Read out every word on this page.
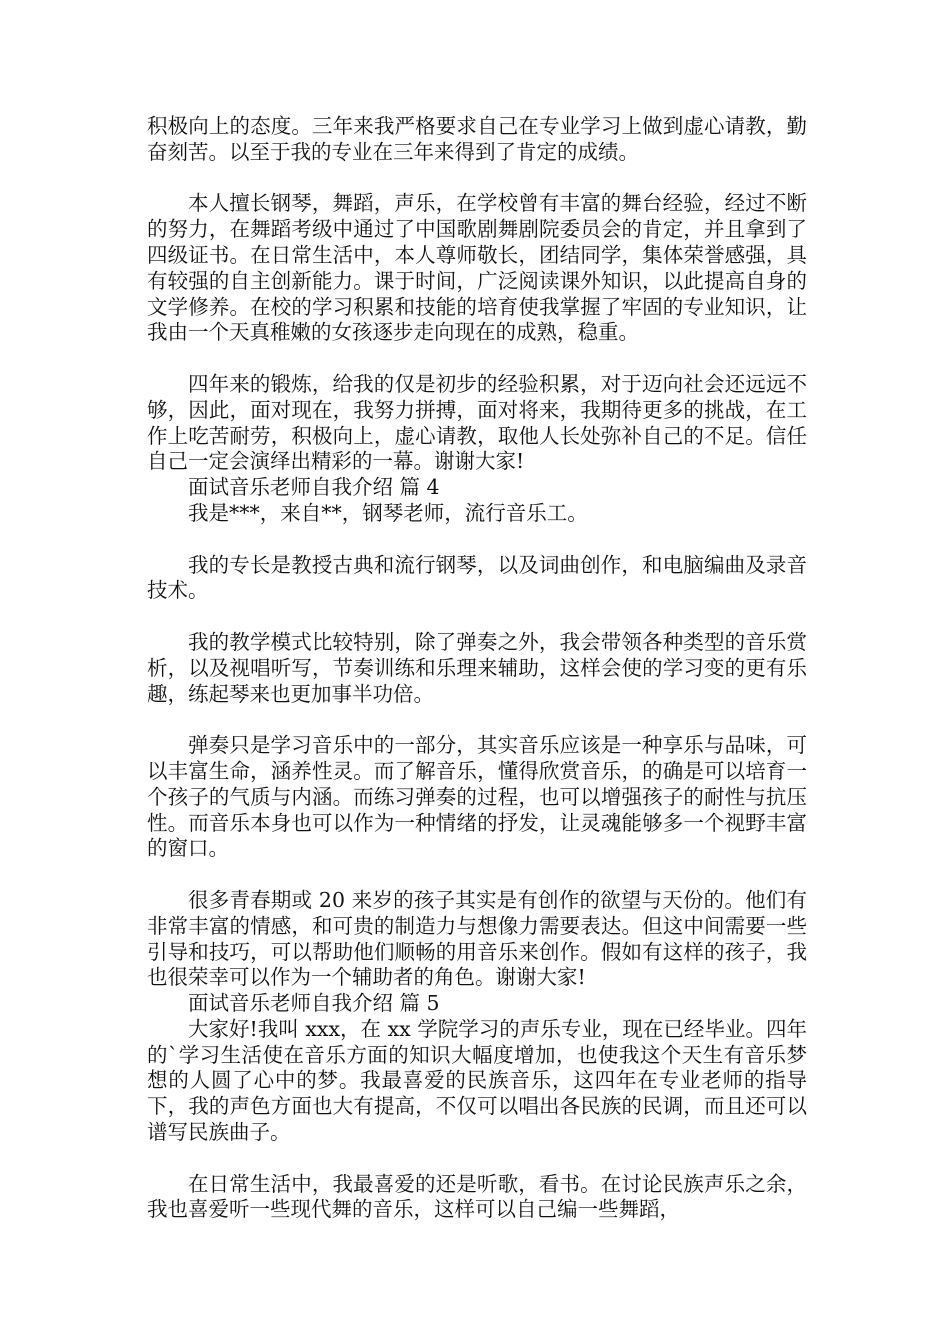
积极向上的态度。三年来我严格要求自己在专业学习上做到虚心请教，勤奋刻苦。以至于我的专业在三年来得到了肯定的成绩。

本人擅长钢琴，舞蹈，声乐，在学校曾有丰富的舞台经验，经过不断的努力，在舞蹈考级中通过了中国歌剧舞剧院委员会的肯定，并且拿到了四级证书。在日常生活中，本人尊师敬长，团结同学，集体荣誉感强，具有较强的自主创新能力。课于时间，广泛阅读课外知识，以此提高自身的文学修养。在校的学习积累和技能的培育使我掌握了牢固的专业知识，让我由一个天真稚嫩的女孩逐步走向现在的成熟，稳重。

四年来的锻炼，给我的仅是初步的经验积累，对于迈向社会还远远不够，因此，面对现在，我努力拼搏，面对将来，我期待更多的挑战，在工作上吃苦耐劳，积极向上，虚心请教，取他人长处弥补自己的不足。信任自己一定会演绎出精彩的一幕。谢谢大家!

面试音乐老师自我介绍 篇 4

我是***，来自**，钢琴老师，流行音乐工。

我的专长是教授古典和流行钢琴，以及词曲创作，和电脑编曲及录音技术。

我的教学模式比较特别，除了弹奏之外，我会带领各种类型的音乐赏析，以及视唱听写，节奏训练和乐理来辅助，这样会使的学习变的更有乐趣，练起琴来也更加事半功倍。

弹奏只是学习音乐中的一部分，其实音乐应该是一种享乐与品味，可以丰富生命，涵养性灵。而了解音乐，懂得欣赏音乐，的确是可以培育一个孩子的气质与内涵。而练习弹奏的过程，也可以增强孩子的耐性与抗压性。而音乐本身也可以作为一种情绪的抒发，让灵魂能够多一个视野丰富的窗口。

很多青春期或 20 来岁的孩子其实是有创作的欲望与天份的。他们有非常丰富的情感，和可贵的制造力与想像力需要表达。但这中间需要一些引导和技巧，可以帮助他们顺畅的用音乐来创作。假如有这样的孩子，我也很荣幸可以作为一个辅助者的角色。谢谢大家!

面试音乐老师自我介绍 篇 5

大家好!我叫 xxx，在 xx 学院学习的声乐专业，现在已经毕业。四年的`学习生活使在音乐方面的知识大幅度增加，也使我这个天生有音乐梦想的人圆了心中的梦。我最喜爱的民族音乐，这四年在专业老师的指导下，我的声色方面也大有提高，不仅可以唱出各民族的民调，而且还可以谱写民族曲子。

在日常生活中，我最喜爱的还是听歌，看书。在讨论民族声乐之余，我也喜爱听一些现代舞的音乐，这样可以自己编一些舞蹈，
